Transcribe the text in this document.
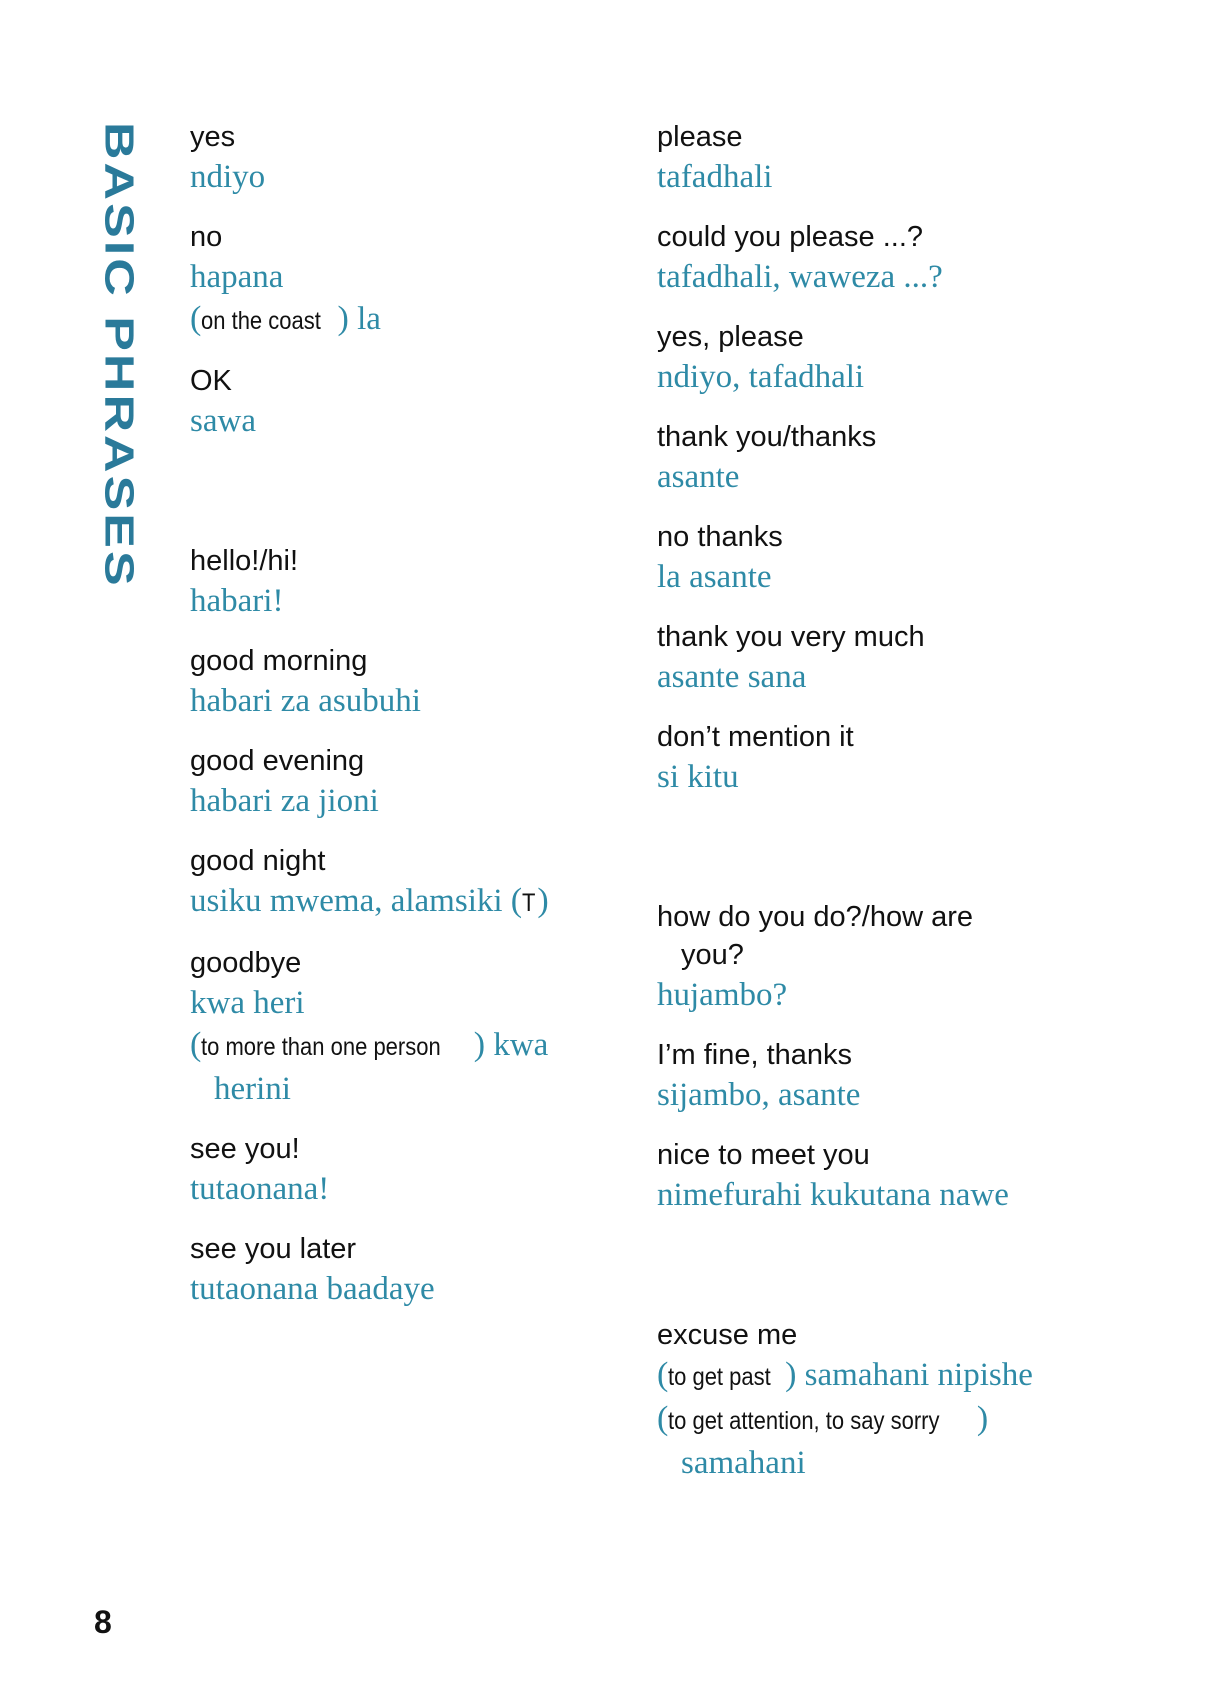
BASIC PHRASES yes

ndiyo

no

hapana

(on the coast ) la

OK

sawa

hello!/hi!

habari!

good morning

habari za asubuhi

good evening

habari za jioni

good night

usiku mwema, alamsiki (T)

goodbye

kwa heri

(to more than one person ) kwa

herini

see you!

tutaonana!

see you later

tutaonana baadaye

please

tafadhali

could you please ...?

tafadhali, waweza ...?

yes, please

ndiyo, tafadhali

thank you/thanks

asante

no thanks

la asante

thank you very much

asante sana

don’t mention it

si kitu

how do you do?/how are

you?

hujambo?

I’m fine, thanks

sijambo, asante

nice to meet you

nimefurahi kukutana nawe

excuse me

(to get past ) samahani nipishe

(to get attention, to say sorry )

samahani

8
